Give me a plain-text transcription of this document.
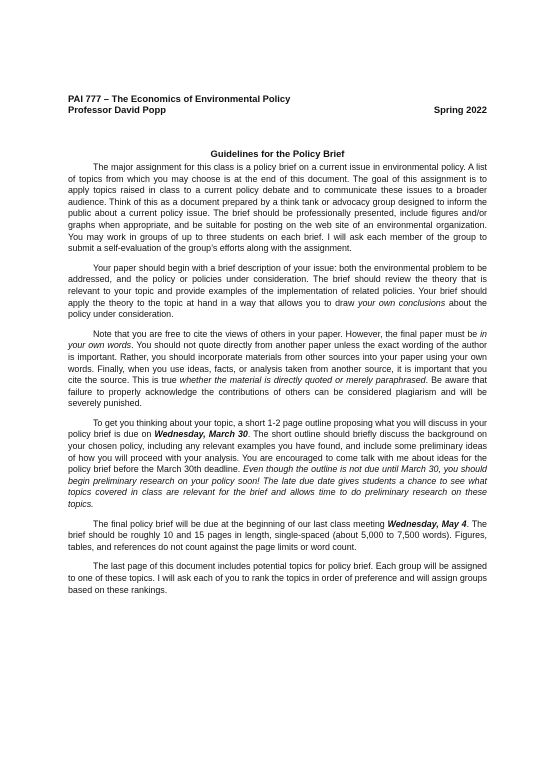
PAI 777 – The Economics of Environmental Policy
Professor David Popp	Spring 2022
Guidelines for the Policy Brief

The major assignment for this class is a policy brief on a current issue in environmental policy. A list of topics from which you may choose is at the end of this document. The goal of this assignment is to apply topics raised in class to a current policy debate and to communicate these issues to a broader audience. Think of this as a document prepared by a think tank or advocacy group designed to inform the public about a current policy issue. The brief should be professionally presented, include figures and/or graphs when appropriate, and be suitable for posting on the web site of an environmental organization. You may work in groups of up to three students on each brief. I will ask each member of the group to submit a self-evaluation of the group’s efforts along with the assignment.

Your paper should begin with a brief description of your issue: both the environmental problem to be addressed, and the policy or policies under consideration. The brief should review the theory that is relevant to your topic and provide examples of the implementation of related policies. Your brief should apply the theory to the topic at hand in a way that allows you to draw your own conclusions about the policy under consideration.

Note that you are free to cite the views of others in your paper. However, the final paper must be in your own words. You should not quote directly from another paper unless the exact wording of the author is important. Rather, you should incorporate materials from other sources into your paper using your own words. Finally, when you use ideas, facts, or analysis taken from another source, it is important that you cite the source. This is true whether the material is directly quoted or merely paraphrased. Be aware that failure to properly acknowledge the contributions of others can be considered plagiarism and will be severely punished.

To get you thinking about your topic, a short 1-2 page outline proposing what you will discuss in your policy brief is due on Wednesday, March 30. The short outline should briefly discuss the background on your chosen policy, including any relevant examples you have found, and include some preliminary ideas of how you will proceed with your analysis. You are encouraged to come talk with me about ideas for the policy brief before the March 30th deadline. Even though the outline is not due until March 30, you should begin preliminary research on your policy soon! The late due date gives students a chance to see what topics covered in class are relevant for the brief and allows time to do preliminary research on these topics.

The final policy brief will be due at the beginning of our last class meeting Wednesday, May 4. The brief should be roughly 10 and 15 pages in length, single-spaced (about 5,000 to 7,500 words). Figures, tables, and references do not count against the page limits or word count.

The last page of this document includes potential topics for policy brief. Each group will be assigned to one of these topics. I will ask each of you to rank the topics in order of preference and will assign groups based on these rankings.
